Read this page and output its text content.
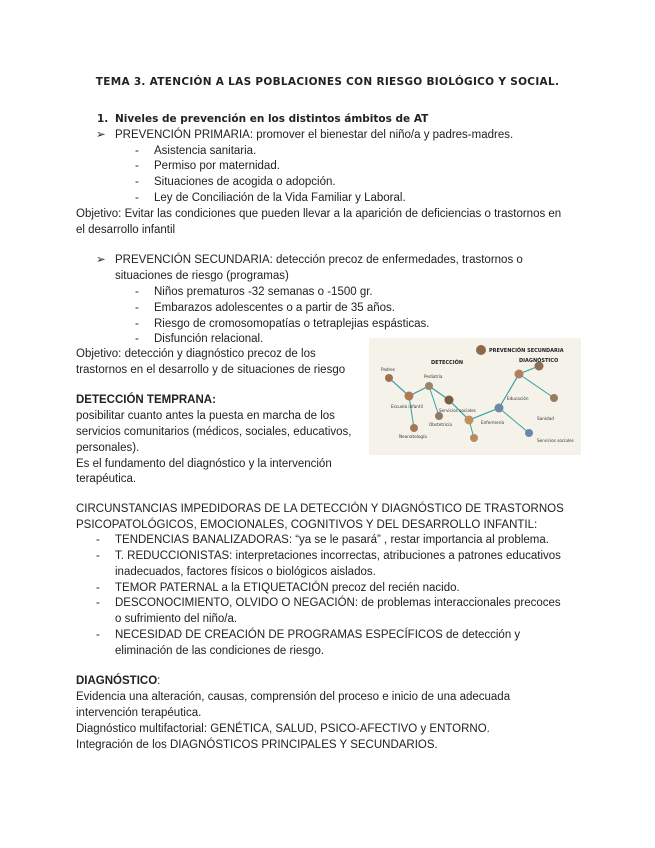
TEMA 3. ATENCIÓN A LAS POBLACIONES CON RIESGO BIOLÓGICO Y SOCIAL.
1. Niveles de prevención en los distintos ámbitos de AT
➢ PREVENCIÓN PRIMARIA: promover el bienestar del niño/a y padres-madres.
- Asistencia sanitaria.
- Permiso por maternidad.
- Situaciones de acogida o adopción.
- Ley de Conciliación de la Vida Familiar y Laboral.
Objetivo: Evitar las condiciones que pueden llevar a la aparición de deficiencias o trastornos en
el desarrollo infantil
➢ PREVENCIÓN SECUNDARIA: detección precoz de enfermedades, trastornos o
situaciones de riesgo (programas)
- Niños prematuros -32 semanas o -1500 gr.
- Embarazos adolescentes o a partir de 35 años.
- Riesgo de cromosomopatías o tetraplejias espásticas.
- Disfunción relacional.
Objetivo: detección y diagnóstico precoz de los
trastornos en el desarrollo y de situaciones de riesgo
DETECCIÓN TEMPRANA:
posibilitar cuanto antes la puesta en marcha de los
servicios comunitarios (médicos, sociales, educativos,
personales).
Es el fundamento del diagnóstico y la intervención
terapéutica.
PREVENCIÓN SECUNDARIA
DETECCIÓN	DIAGNÓSTICO
Padres
Escuela infantil
Pediatría
Servicios sociales
Neonatología
Obstetricia	Enfermería
Educación
Sanidad
Servicios sociales
CIRCUNSTANCIAS IMPEDIDORAS DE LA DETECCIÓN Y DIAGNÓSTICO DE TRASTORNOS
PSICOPATOLÓGICOS, EMOCIONALES, COGNITIVOS Y DEL DESARROLLO INFANTIL:
- TENDENCIAS BANALIZADORAS: “ya se le pasará” , restar importancia al problema.
- T. REDUCCIONISTAS: interpretaciones incorrectas, atribuciones a patrones educativos
inadecuados, factores físicos o biológicos aislados.
- TEMOR PATERNAL a la ETIQUETACIÓN precoz del recién nacido.
- DESCONOCIMIENTO, OLVIDO O NEGACIÓN: de problemas interaccionales precoces
o sufrimiento del niño/a.
- NECESIDAD DE CREACIÓN DE PROGRAMAS ESPECÍFICOS de detección y
eliminación de las condiciones de riesgo.
DIAGNÓSTICO:
Evidencia una alteración, causas, comprensión del proceso e inicio de una adecuada
intervención terapéutica.
Diagnóstico multifactorial: GENÉTICA, SALUD, PSICO-AFECTIVO y ENTORNO.
Integración de los DIAGNÓSTICOS PRINCIPALES Y SECUNDARIOS.
